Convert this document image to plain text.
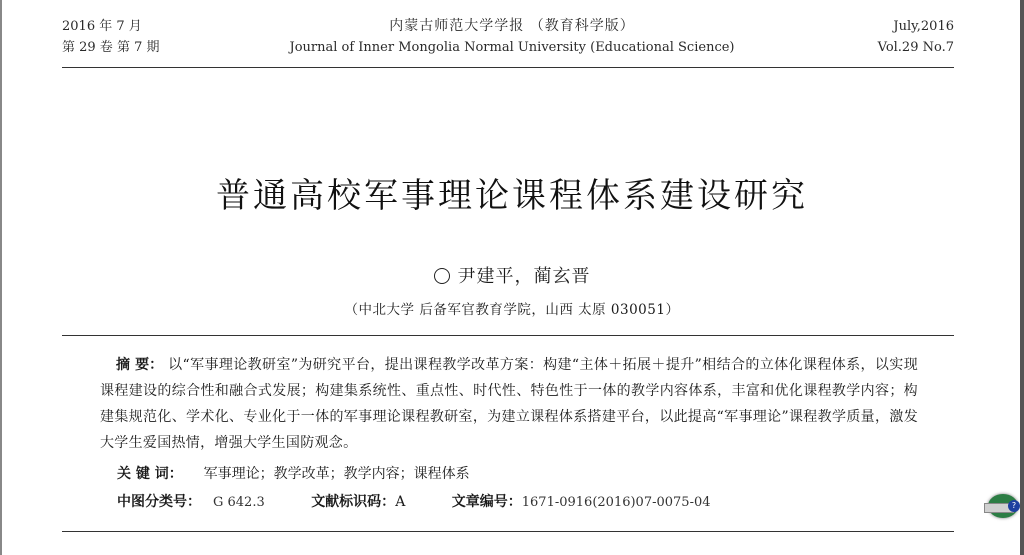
2016 年 7 月
第 29 卷 第 7 期
内蒙古师范大学学报 （教育科学版）
Journal of Inner Mongolia Normal University (Educational Science)
July,2016
Vol.29 No.7
普通高校军事理论课程体系建设研究
尹建平，蔺玄晋
（中北大学 后备军官教育学院，山西 太原 030051）
摘 要： 以“军事理论教研室”为研究平台，提出课程教学改革方案：构建“主体＋拓展＋提升”相结合的立体化课程体系，以实现课程建设的综合性和融合式发展；构建集系统性、重点性、时代性、特色性于一体的教学内容体系，丰富和优化课程教学内容；构建集规范化、学术化、专业化于一体的军事理论课程教研室，为建立课程体系搭建平台，以此提高“军事理论”课程教学质量，激发大学生爱国热情，增强大学生国防观念。
关 键 词： 军事理论；教学改革；教学内容；课程体系
中图分类号： G 642.3	文献标识码：A	文章编号：1671-0916(2016)07-0075-04	?
